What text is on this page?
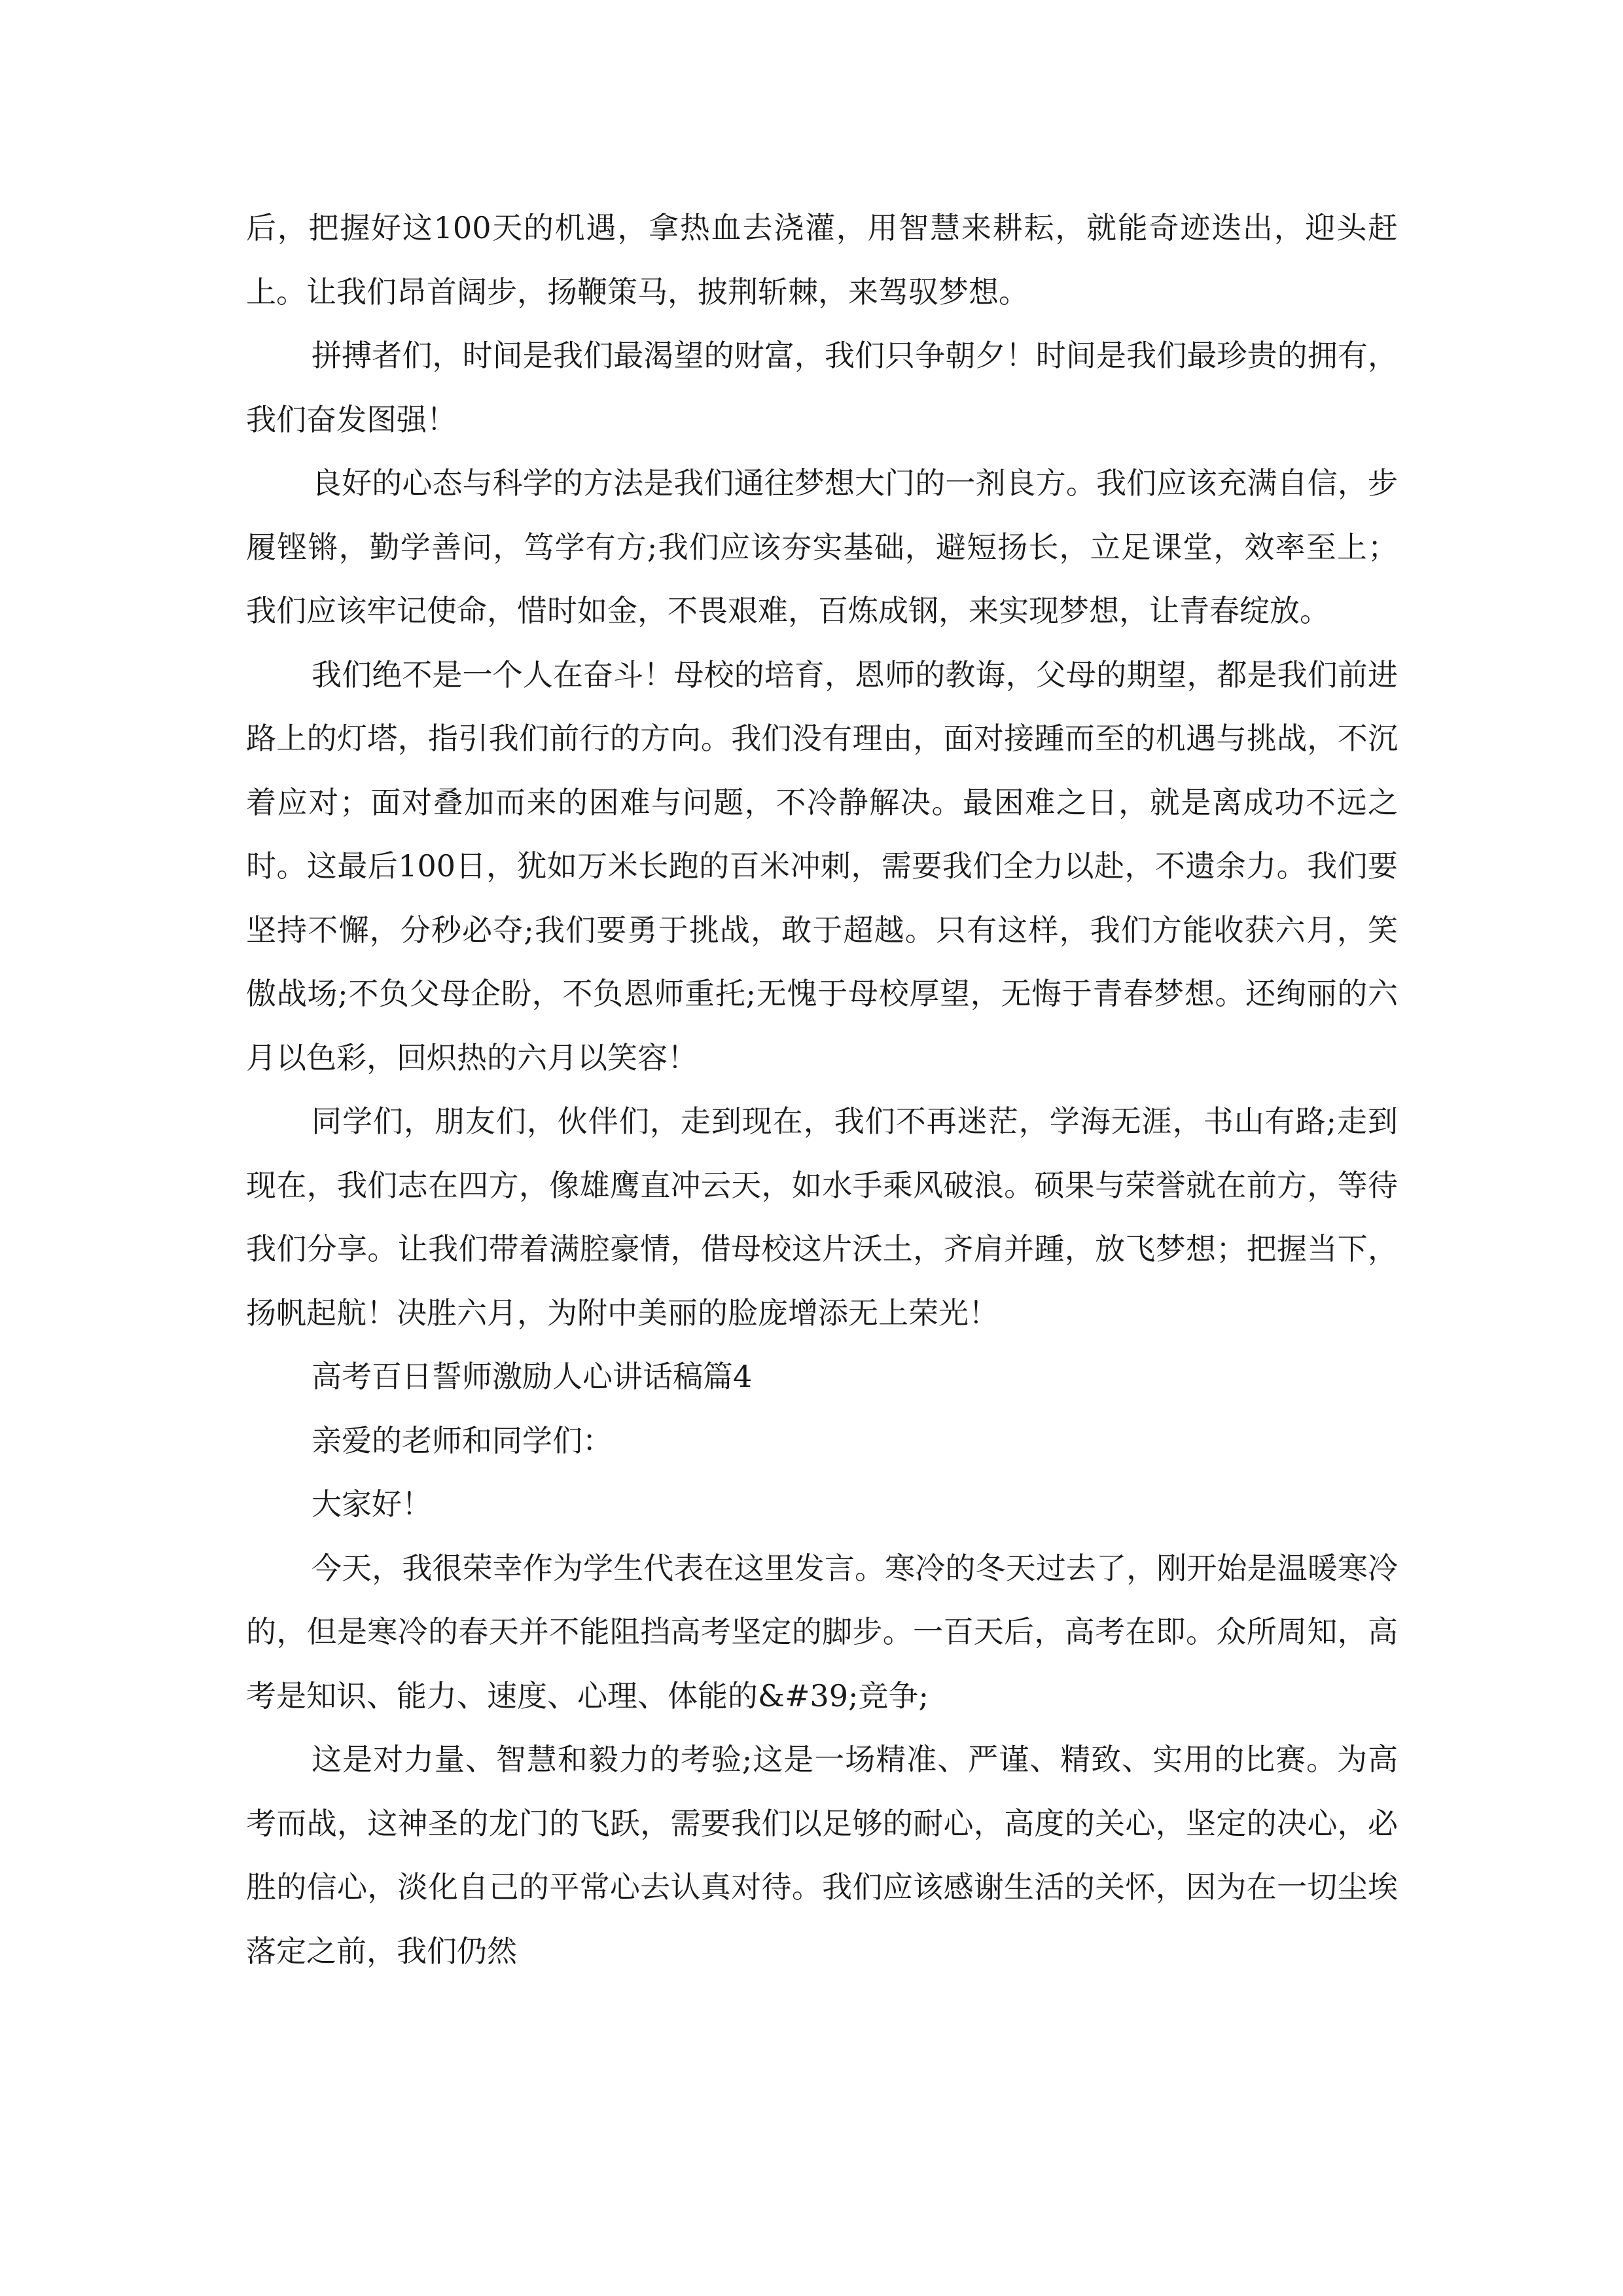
后，把握好这100天的机遇，拿热血去浇灌，用智慧来耕耘，就能奇迹迭出，迎头赶上。让我们昂首阔步，扬鞭策马，披荆斩棘，来驾驭梦想。

拼搏者们，时间是我们最渴望的财富，我们只争朝夕！时间是我们最珍贵的拥有，我们奋发图强！

良好的心态与科学的方法是我们通往梦想大门的一剂良方。我们应该充满自信，步履铿锵，勤学善问，笃学有方;我们应该夯实基础，避短扬长，立足课堂，效率至上；我们应该牢记使命，惜时如金，不畏艰难，百炼成钢，来实现梦想，让青春绽放。

我们绝不是一个人在奋斗！母校的培育，恩师的教诲，父母的期望，都是我们前进路上的灯塔，指引我们前行的方向。我们没有理由，面对接踵而至的机遇与挑战，不沉着应对；面对叠加而来的困难与问题，不冷静解决。最困难之日，就是离成功不远之时。这最后100日，犹如万米长跑的百米冲刺，需要我们全力以赴，不遗余力。我们要坚持不懈，分秒必夺;我们要勇于挑战，敢于超越。只有这样，我们方能收获六月，笑傲战场;不负父母企盼，不负恩师重托;无愧于母校厚望，无悔于青春梦想。还绚丽的六月以色彩，回炽热的六月以笑容！

同学们，朋友们，伙伴们，走到现在，我们不再迷茫，学海无涯，书山有路;走到现在，我们志在四方，像雄鹰直冲云天，如水手乘风破浪。硕果与荣誉就在前方，等待我们分享。让我们带着满腔豪情，借母校这片沃土，齐肩并踵，放飞梦想；把握当下，扬帆起航！决胜六月，为附中美丽的脸庞增添无上荣光！

高考百日誓师激励人心讲话稿篇4

亲爱的老师和同学们：

大家好！

今天，我很荣幸作为学生代表在这里发言。寒冷的冬天过去了，刚开始是温暖寒冷的，但是寒冷的春天并不能阻挡高考坚定的脚步。一百天后，高考在即。众所周知，高考是知识、能力、速度、心理、体能的&#39;竞争;

这是对力量、智慧和毅力的考验;这是一场精准、严谨、精致、实用的比赛。为高考而战，这神圣的龙门的飞跃，需要我们以足够的耐心，高度的关心，坚定的决心，必胜的信心，淡化自己的平常心去认真对待。我们应该感谢生活的关怀，因为在一切尘埃落定之前，我们仍然
